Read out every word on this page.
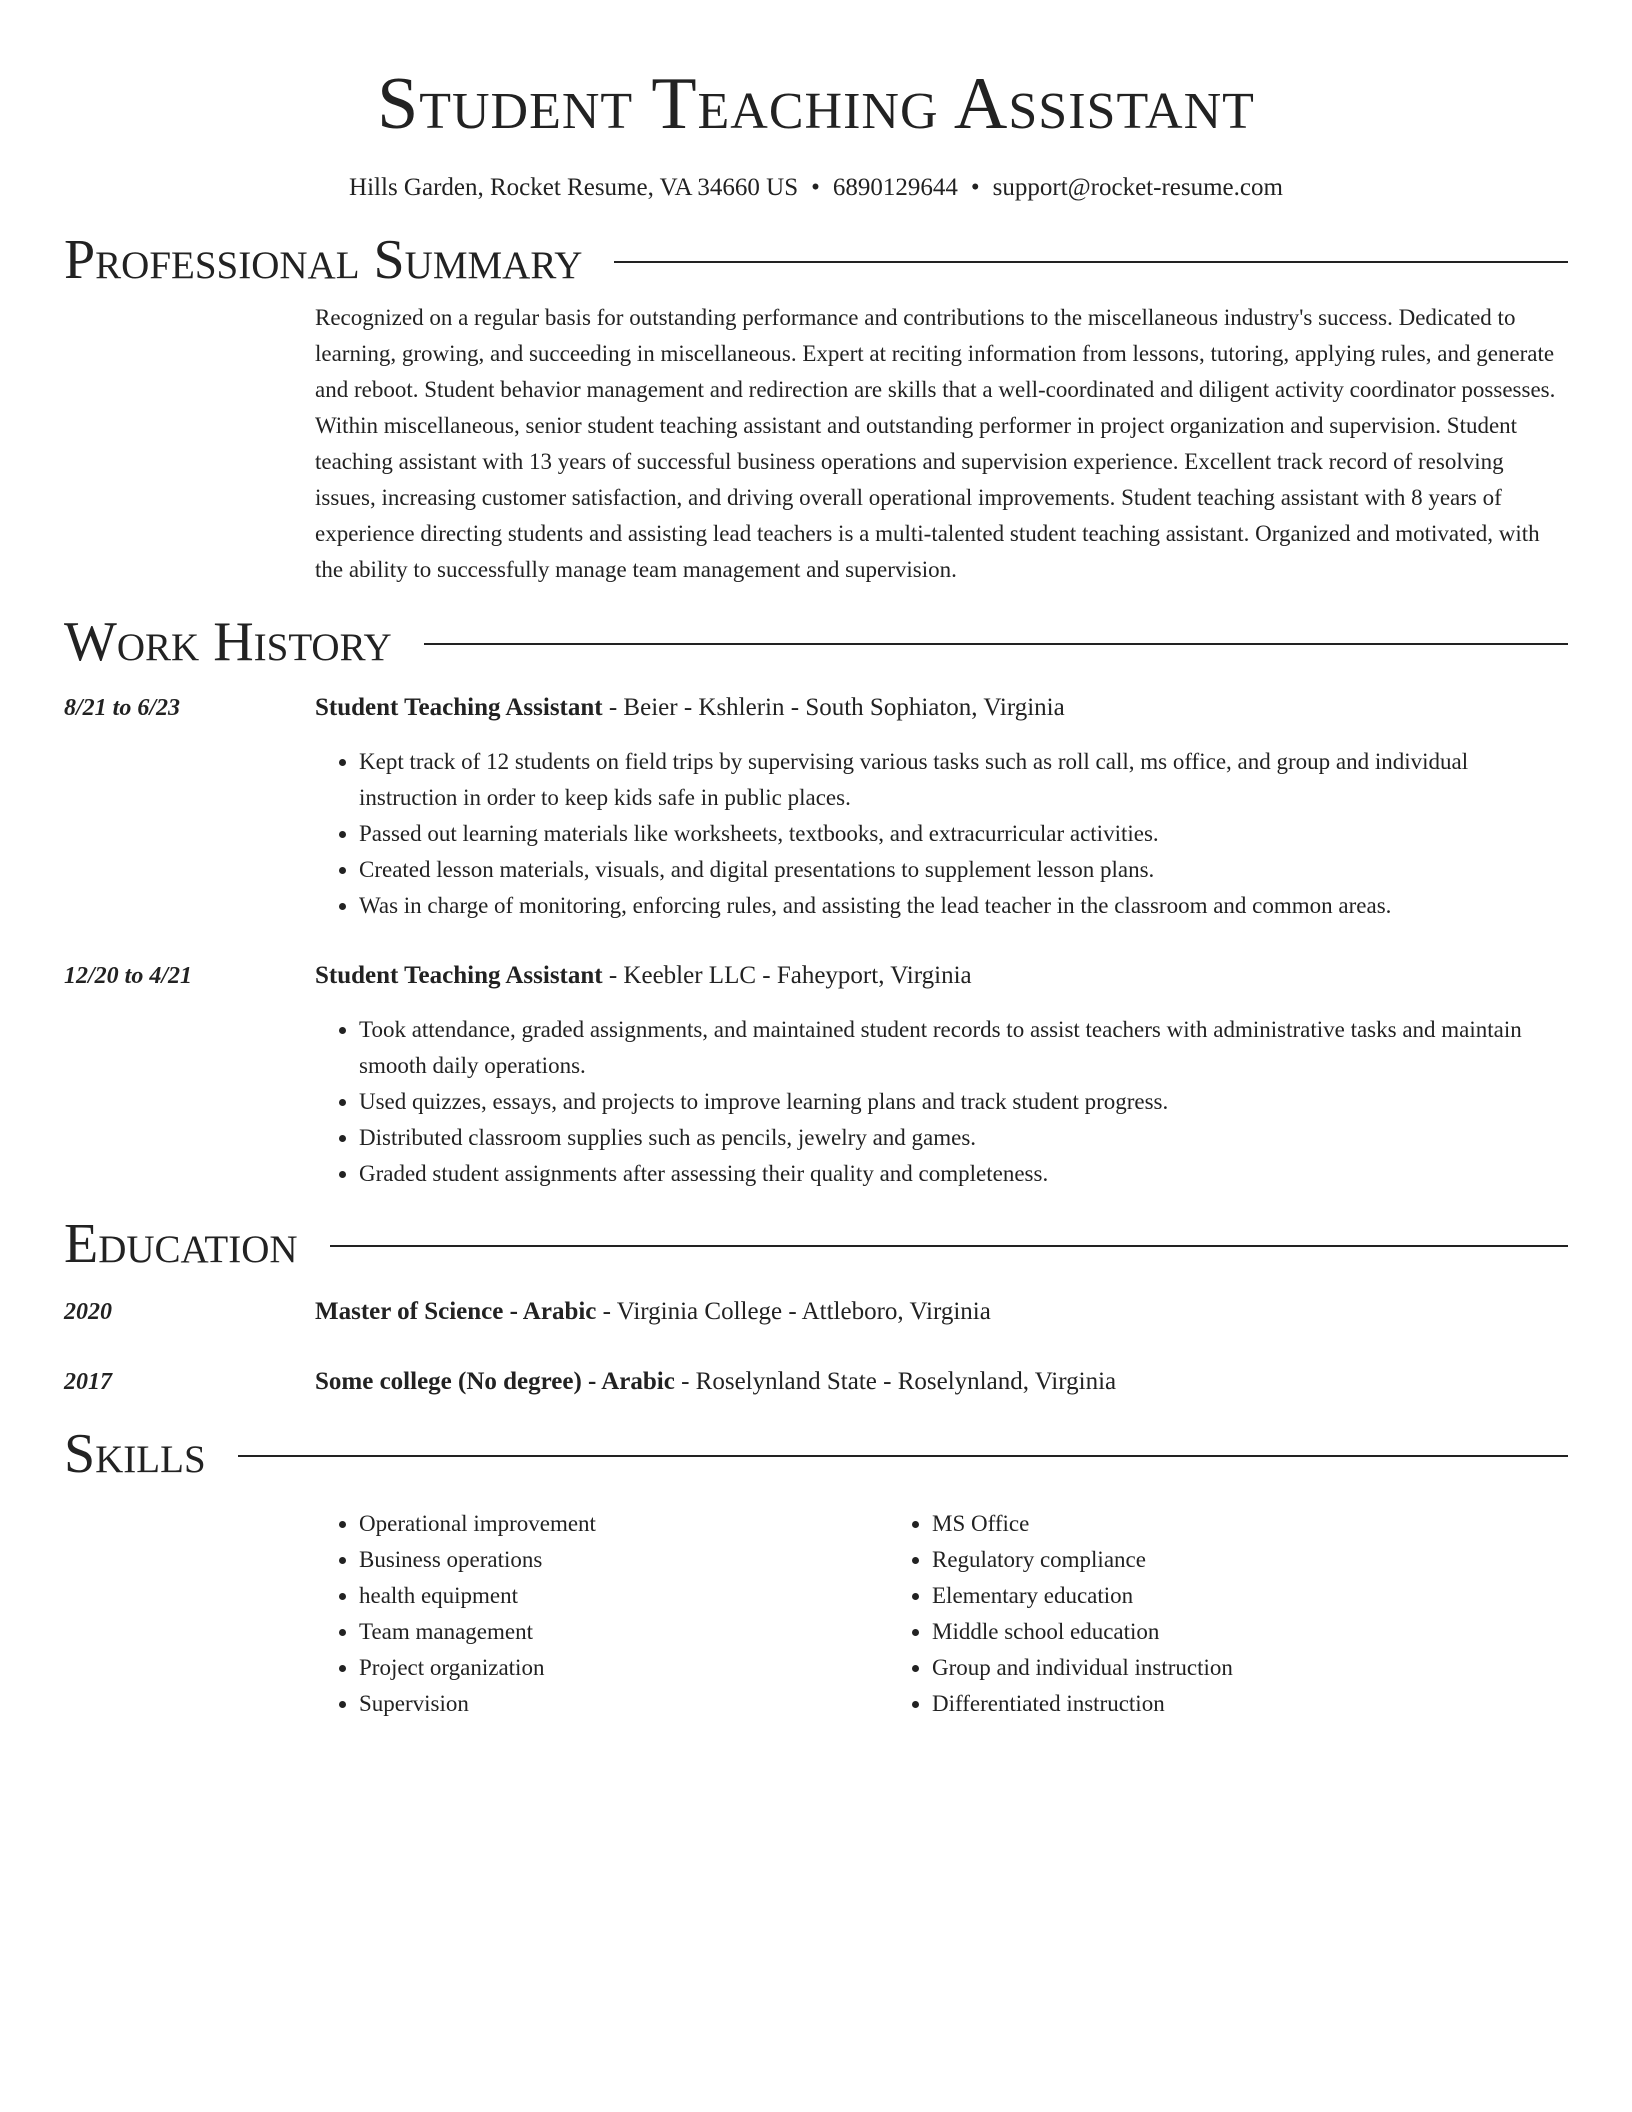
Student Teaching Assistant
Hills Garden, Rocket Resume, VA 34660 US • 6890129644 • support@rocket-resume.com
Professional Summary
Recognized on a regular basis for outstanding performance and contributions to the miscellaneous industry's success. Dedicated to learning, growing, and succeeding in miscellaneous. Expert at reciting information from lessons, tutoring, applying rules, and generate and reboot. Student behavior management and redirection are skills that a well-coordinated and diligent activity coordinator possesses. Within miscellaneous, senior student teaching assistant and outstanding performer in project organization and supervision. Student teaching assistant with 13 years of successful business operations and supervision experience. Excellent track record of resolving issues, increasing customer satisfaction, and driving overall operational improvements. Student teaching assistant with 8 years of experience directing students and assisting lead teachers is a multi-talented student teaching assistant. Organized and motivated, with the ability to successfully manage team management and supervision.
Work History
8/21 to 6/23	Student Teaching Assistant - Beier - Kshlerin - South Sophiaton, Virginia
• Kept track of 12 students on field trips by supervising various tasks such as roll call, ms office, and group and individual instruction in order to keep kids safe in public places.
• Passed out learning materials like worksheets, textbooks, and extracurricular activities.
• Created lesson materials, visuals, and digital presentations to supplement lesson plans.
• Was in charge of monitoring, enforcing rules, and assisting the lead teacher in the classroom and common areas.
12/20 to 4/21	Student Teaching Assistant - Keebler LLC - Faheyport, Virginia
• Took attendance, graded assignments, and maintained student records to assist teachers with administrative tasks and maintain smooth daily operations.
• Used quizzes, essays, and projects to improve learning plans and track student progress.
• Distributed classroom supplies such as pencils, jewelry and games.
• Graded student assignments after assessing their quality and completeness.
Education
2020	Master of Science - Arabic - Virginia College - Attleboro, Virginia
2017	Some college (No degree) - Arabic - Roselynland State - Roselynland, Virginia
Skills
• Operational improvement
• Business operations
• health equipment
• Team management
• Project organization
• Supervision
• MS Office
• Regulatory compliance
• Elementary education
• Middle school education
• Group and individual instruction
• Differentiated instruction
